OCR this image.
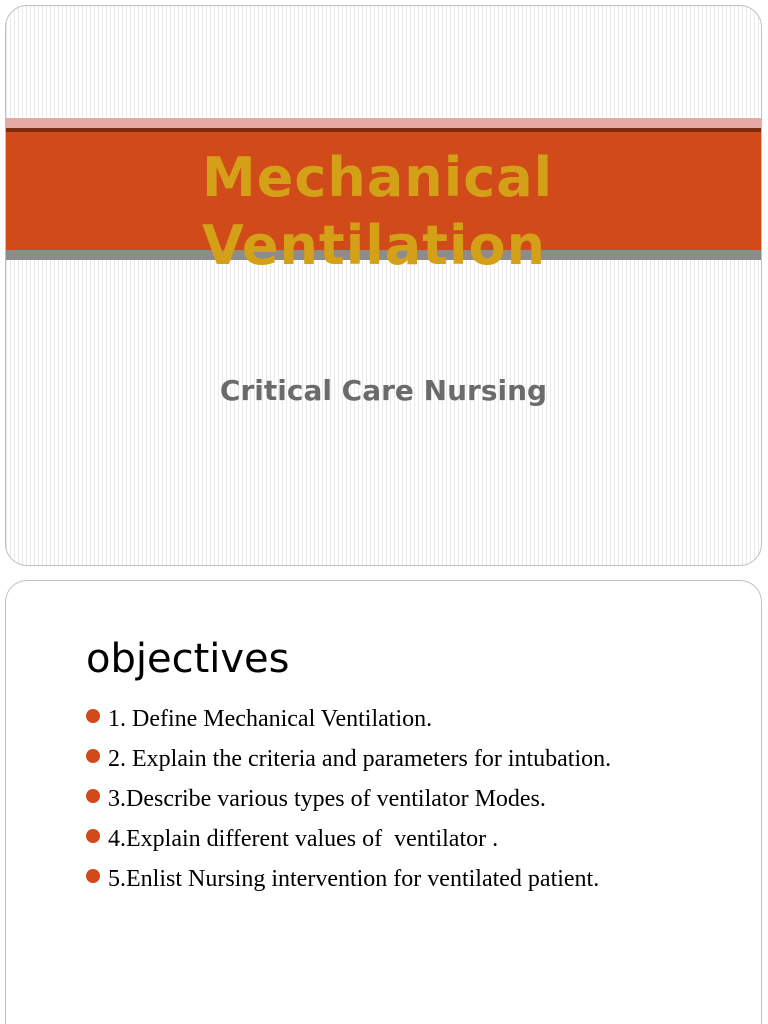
Mechanical Ventilation
Critical Care Nursing
objectives
1. Define Mechanical Ventilation.
2. Explain the criteria and parameters for intubation.
3.Describe various types of ventilator Modes.
4.Explain different values of  ventilator .
5.Enlist Nursing intervention for ventilated patient.
